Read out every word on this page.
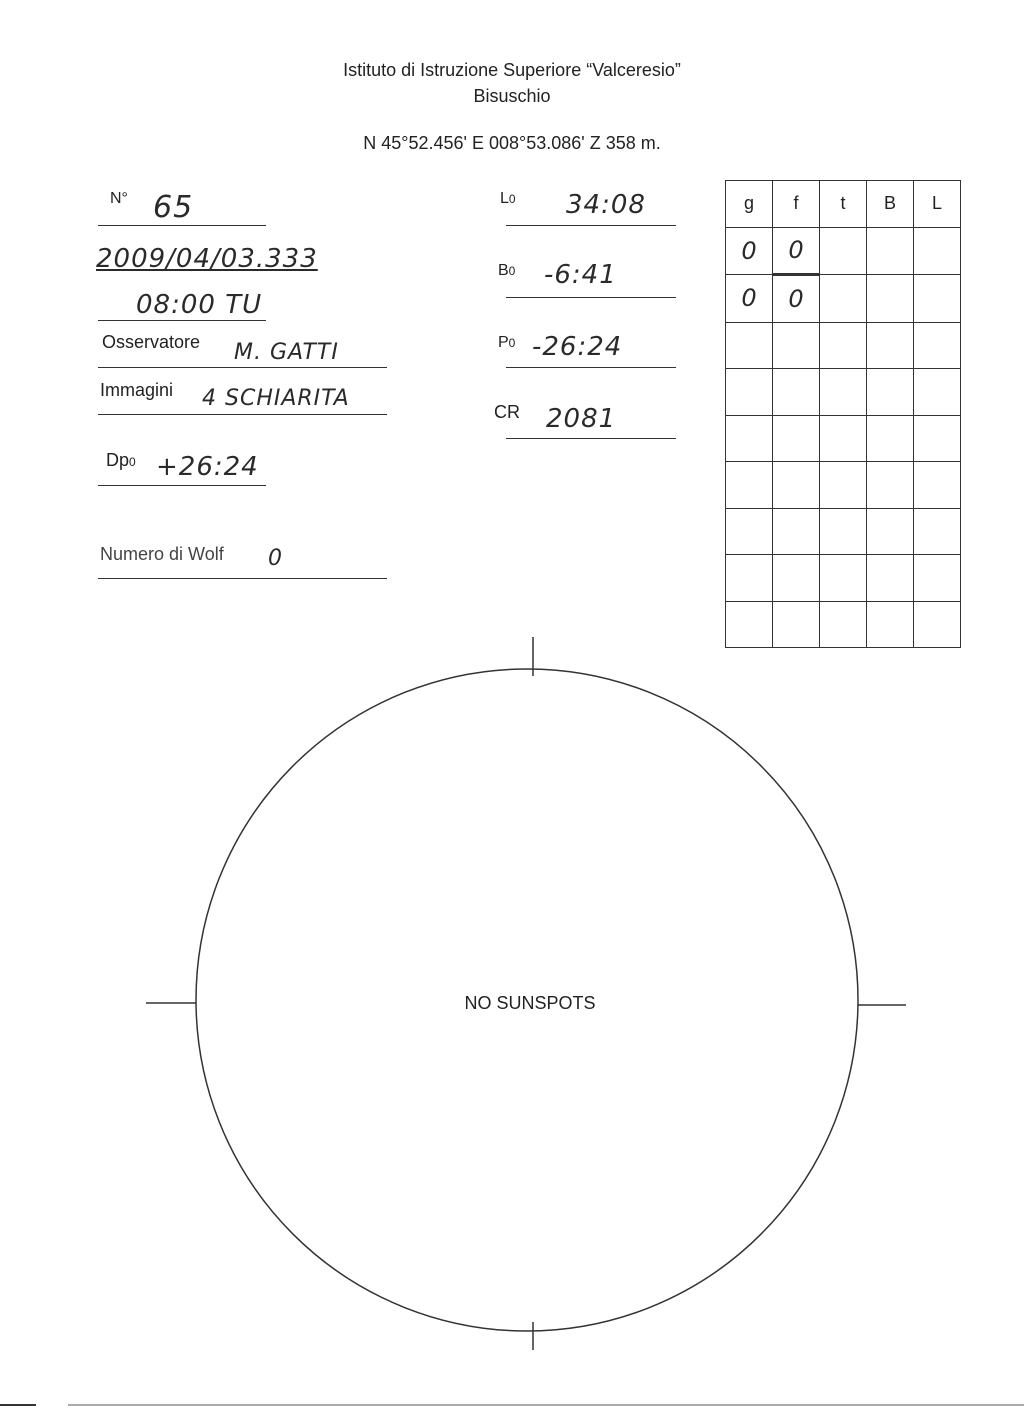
Istituto di Istruzione Superiore “Valceresio”
Bisuschio
N 45°52.456' E 008°53.086' Z 358 m.
N° 65
2009/04/03.333
08:00 TU
Osservatore M. GATTI
Immagini 4 SCHIARITA
Dp0 +26:24
Numero di Wolf 0
L0 34:08
B0 -6:41
P0 -26:24
CR 2081
g	f	t	B	L
0	0			
0	0			

NO SUNSPOTS
